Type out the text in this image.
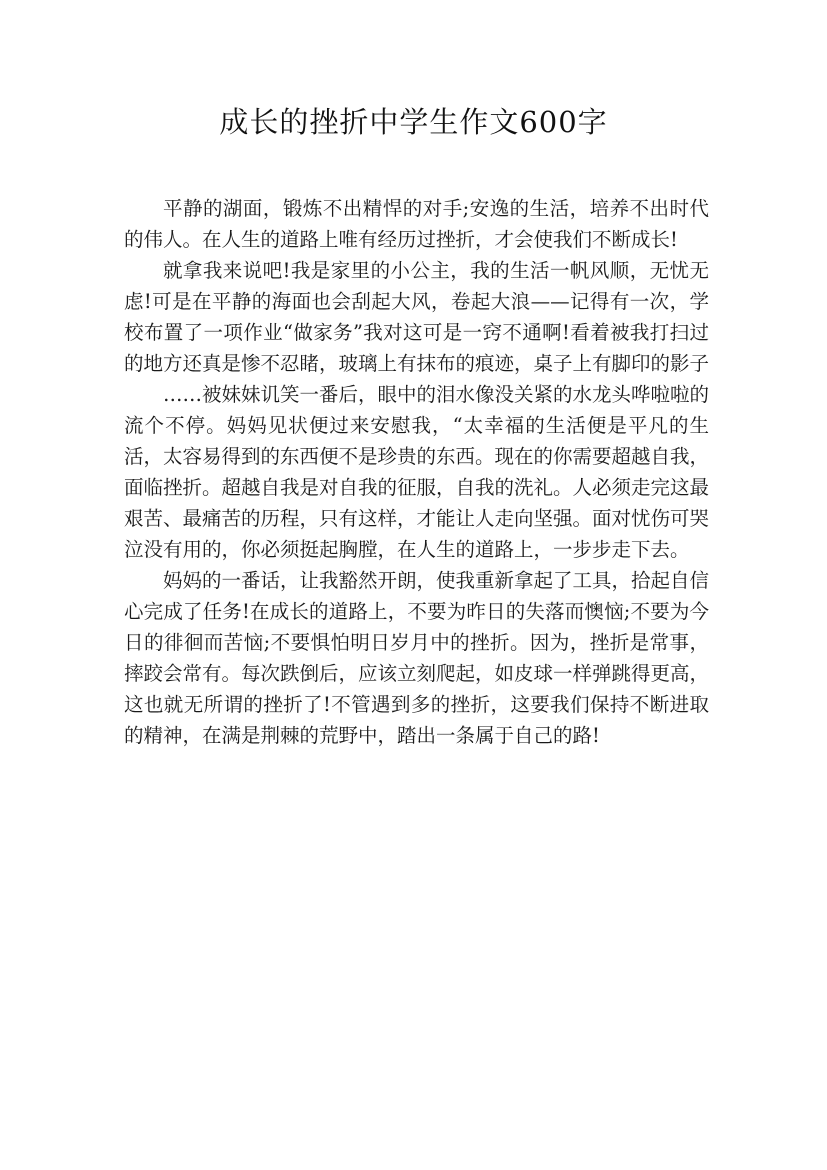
成长的挫折中学生作文600字

平静的湖面，锻炼不出精悍的对手;安逸的生活，培养不出时代的伟人。在人生的道路上唯有经历过挫折，才会使我们不断成长!

就拿我来说吧!我是家里的小公主，我的生活一帆风顺，无忧无虑!可是在平静的海面也会刮起大风，卷起大浪——记得有一次，学校布置了一项作业“做家务”我对这可是一窍不通啊!看着被我打扫过的地方还真是惨不忍睹，玻璃上有抹布的痕迹，桌子上有脚印的影子

……被妹妹讥笑一番后，眼中的泪水像没关紧的水龙头哗啦啦的流个不停。妈妈见状便过来安慰我，“太幸福的生活便是平凡的生活，太容易得到的东西便不是珍贵的东西。现在的你需要超越自我，面临挫折。超越自我是对自我的征服，自我的洗礼。人必须走完这最艰苦、最痛苦的历程，只有这样，才能让人走向坚强。面对忧伤可哭泣没有用的，你必须挺起胸膛，在人生的道路上，一步步走下去。

妈妈的一番话，让我豁然开朗，使我重新拿起了工具，拾起自信心完成了任务!在成长的道路上，不要为昨日的失落而懊恼;不要为今日的徘徊而苦恼;不要惧怕明日岁月中的挫折。因为，挫折是常事，摔跤会常有。每次跌倒后，应该立刻爬起，如皮球一样弹跳得更高，这也就无所谓的挫折了!不管遇到多的挫折，这要我们保持不断进取的精神，在满是荆棘的荒野中，踏出一条属于自己的路!
